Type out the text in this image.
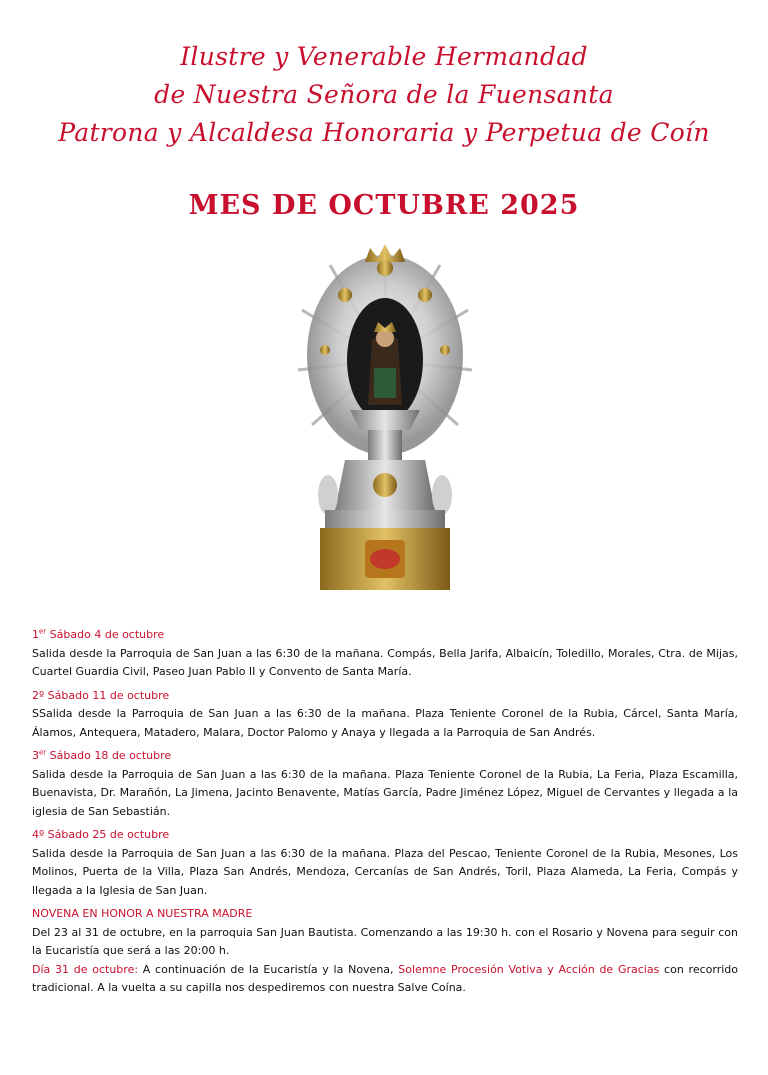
Ilustre y Venerable Hermandad

de Nuestra Señora de la Fuensanta

Patrona y Alcaldesa Honoraria y Perpetua de Coín

MES DE OCTUBRE 2025
1er Sábado 4 de octubre

Salida desde la Parroquia de San Juan a las 6:30 de la mañana. Compás, Bella Jarifa, Albaicín, Toledillo, Morales, Ctra. de Mijas, Cuartel Guardia Civil, Paseo Juan Pablo II y Convento de Santa María.

2º Sábado 11 de octubre

SSalida desde la Parroquia de San Juan a las 6:30 de la mañana. Plaza Teniente Coronel de la Rubia, Cárcel, Santa María, Álamos, Antequera, Matadero, Malara, Doctor Palomo y Anaya y llegada a la Parroquia de San Andrés.

3er Sábado 18 de octubre

Salida desde la Parroquia de San Juan a las 6:30 de la mañana. Plaza Teniente Coronel de la Rubia, La Feria, Plaza Escamilla, Buenavista, Dr. Marañón, La Jimena, Jacinto Benavente, Matías García, Padre Jiménez López, Miguel de Cervantes y llegada a la iglesia de San Sebastián.

4º Sábado 25 de octubre

Salida desde la Parroquia de San Juan a las 6:30 de la mañana. Plaza del Pescao, Teniente Coronel de la Rubia, Mesones, Los Molinos, Puerta de la Villa, Plaza San Andrés, Mendoza, Cercanías de San Andrés, Toril, Plaza Alameda, La Feria, Compás y llegada a la Iglesia de San Juan.

NOVENA EN HONOR A NUESTRA MADRE

Del 23 al 31 de octubre, en la parroquia San Juan Bautista. Comenzando a las 19:30 h. con el Rosario y Novena para seguir con la Eucaristía que será a las 20:00 h.

Día 31 de octubre: A continuación de la Eucaristía y la Novena, Solemne Procesión Votiva y Acción de Gracias con recorrido tradicional. A la vuelta a su capilla nos despediremos con nuestra Salve Coína.
